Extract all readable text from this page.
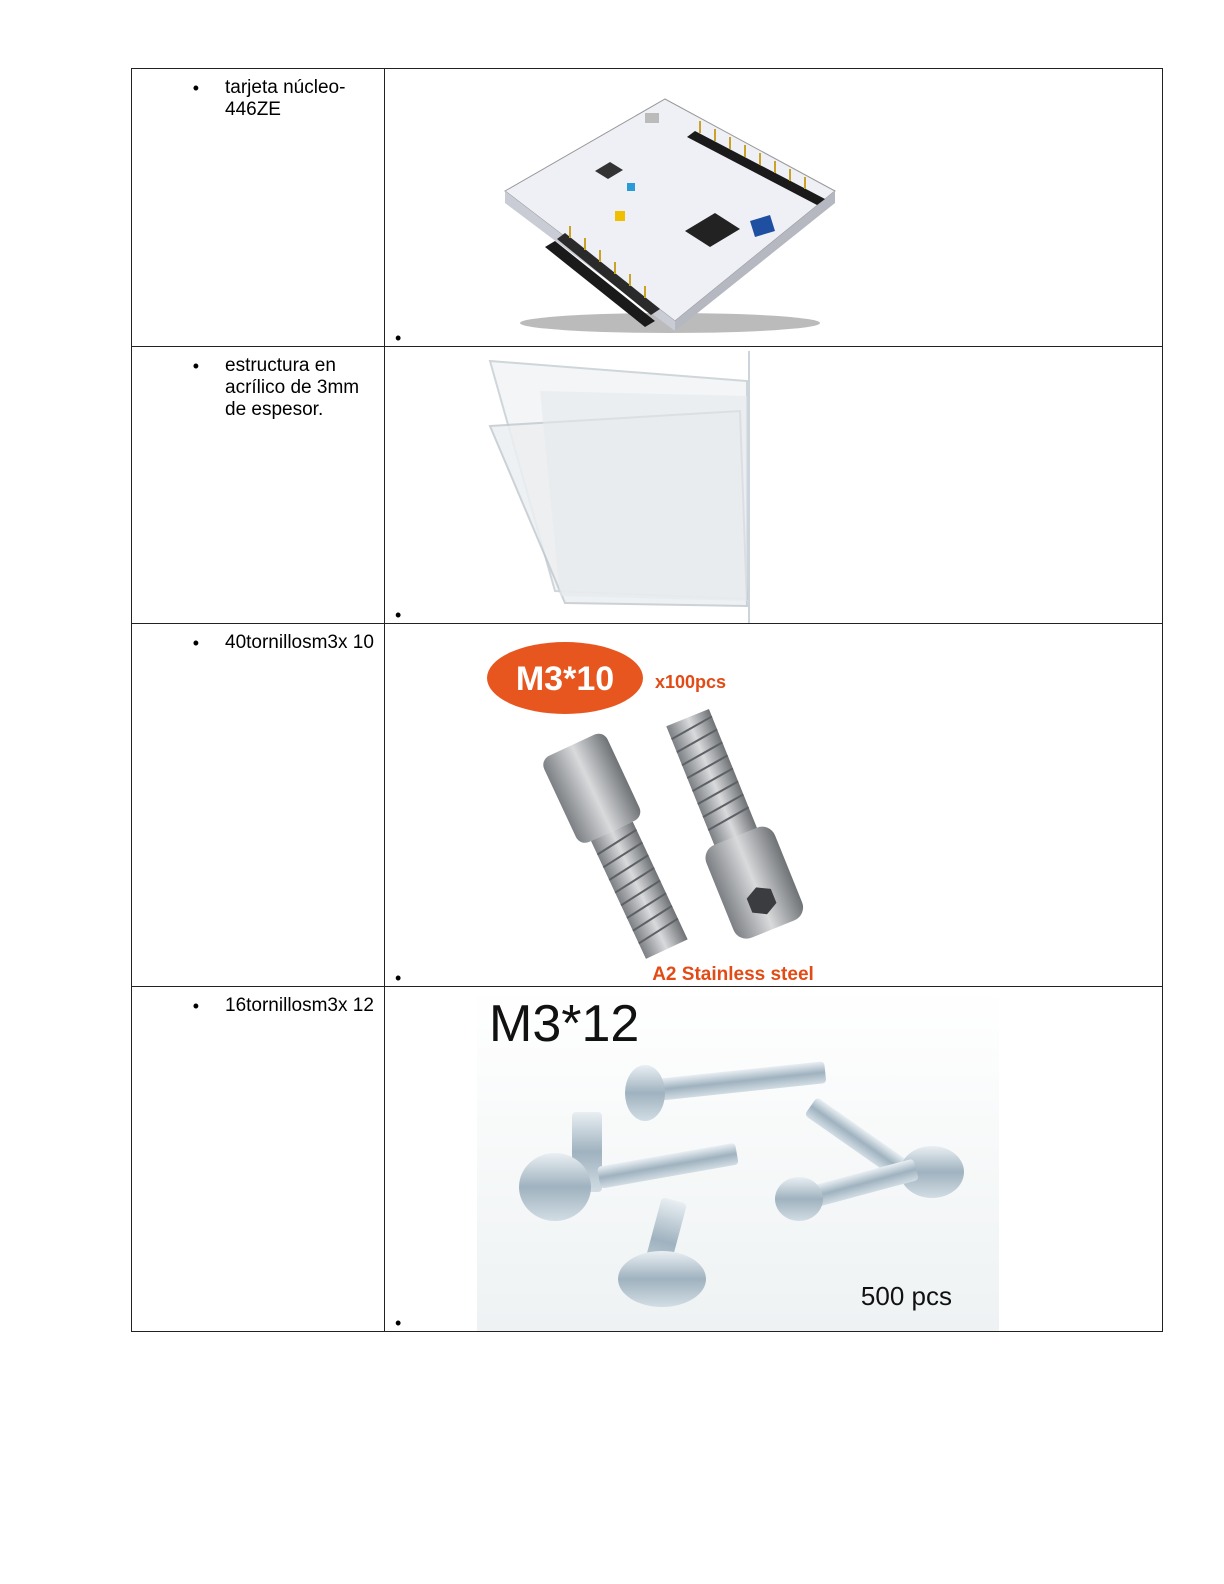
•
tarjeta núcleo-446ZE	•

•
estructura en acrílico de 3mm de espesor.	•

•
40tornillosm3x 10	M3*10 x100pcs
A2 Stainless steel
•

•
16tornillosm3x 12	M3*12
500 pcs
•
